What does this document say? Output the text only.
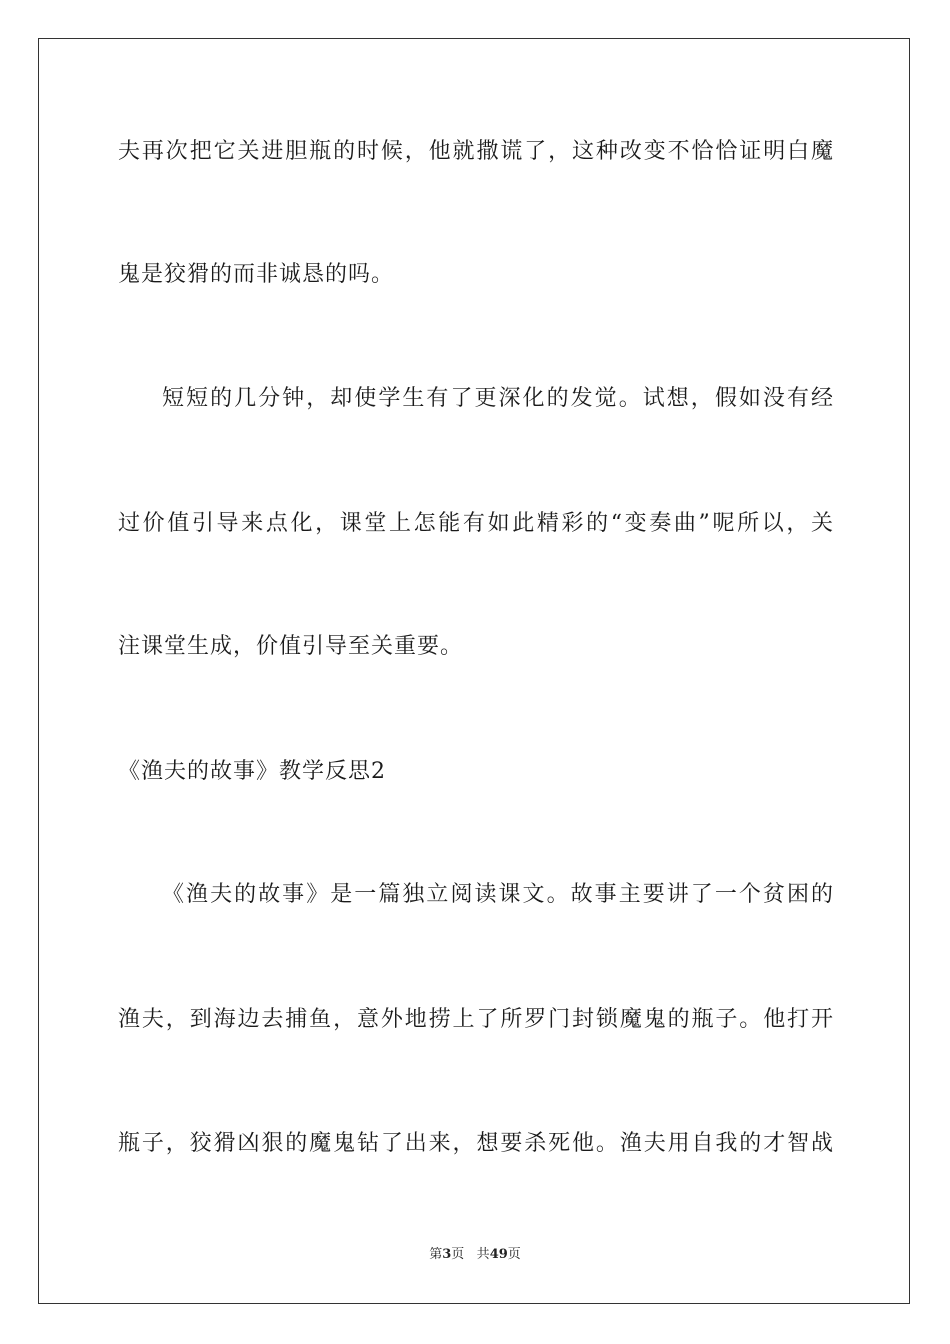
夫再次把它关进胆瓶的时候，他就撒谎了，这种改变不恰恰证明白魔
鬼是狡猾的而非诚恳的吗。
短短的几分钟，却使学生有了更深化的发觉。试想，假如没有经
过价值引导来点化，课堂上怎能有如此精彩的“变奏曲”呢所以，关
注课堂生成，价值引导至关重要。
《渔夫的故事》教学反思2
《渔夫的故事》是一篇独立阅读课文。故事主要讲了一个贫困的
渔夫，到海边去捕鱼，意外地捞上了所罗门封锁魔鬼的瓶子。他打开
瓶子，狡猾凶狠的魔鬼钻了出来，想要杀死他。渔夫用自我的才智战
第3页 共49页
